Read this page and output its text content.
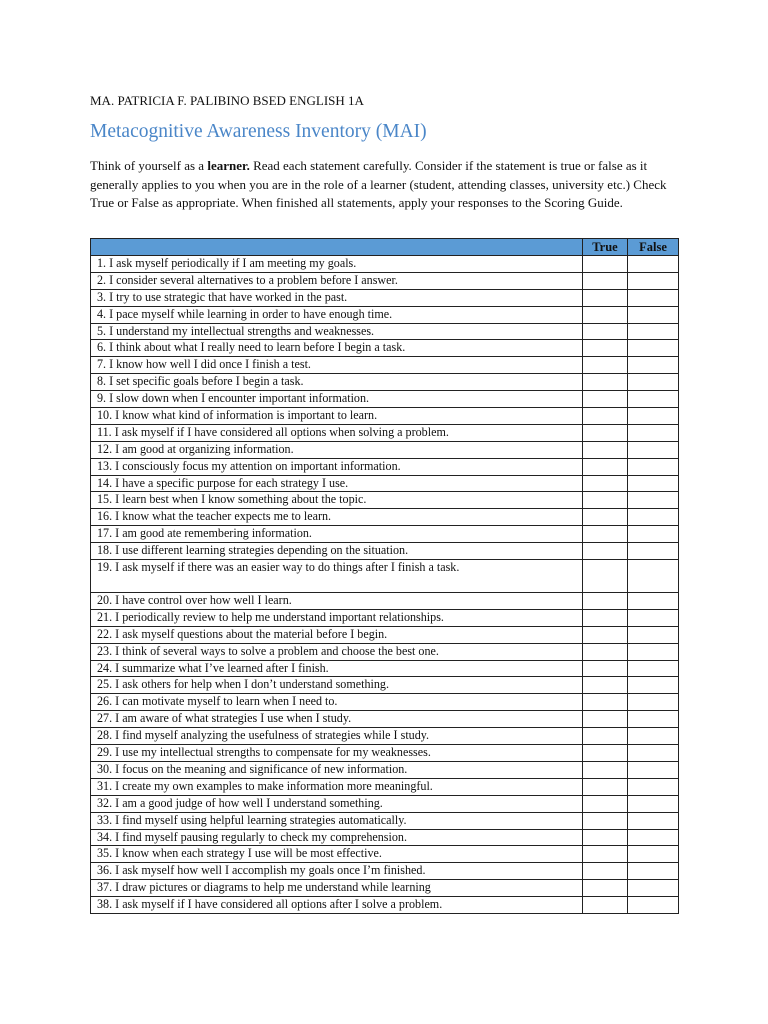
MA. PATRICIA F. PALIBINO BSED ENGLISH 1A
Metacognitive Awareness Inventory (MAI)

Think of yourself as a learner. Read each statement carefully. Consider if the statement is true or false as it generally applies to you when you are in the role of a learner (student, attending classes, university etc.) Check True or False as appropriate. When finished all statements, apply your responses to the Scoring Guide.

	True	False
1. I ask myself periodically if I am meeting my goals.		
2. I consider several alternatives to a problem before I answer.		
3. I try to use strategic that have worked in the past.		
4. I pace myself while learning in order to have enough time.		
5. I understand my intellectual strengths and weaknesses.		
6. I think about what I really need to learn before I begin a task.		
7. I know how well I did once I finish a test.		
8. I set specific goals before I begin a task.		
9. I slow down when I encounter important information.		
10. I know what kind of information is important to learn.		
11. I ask myself if I have considered all options when solving a problem.		
12. I am good at organizing information.		
13. I consciously focus my attention on important information.		
14. I have a specific purpose for each strategy I use.		
15. I learn best when I know something about the topic.		
16. I know what the teacher expects me to learn.		
17. I am good ate remembering information.		
18. I use different learning strategies depending on the situation.		
19. I ask myself if there was an easier way to do things after I finish a task.		
20. I have control over how well I learn.		
21. I periodically review to help me understand important relationships.		
22. I ask myself questions about the material before I begin.		
23. I think of several ways to solve a problem and choose the best one.		
24. I summarize what I’ve learned after I finish.		
25. I ask others for help when I don’t understand something.		
26. I can motivate myself to learn when I need to.		
27. I am aware of what strategies I use when I study.		
28. I find myself analyzing the usefulness of strategies while I study.		
29. I use my intellectual strengths to compensate for my weaknesses.		
30. I focus on the meaning and significance of new information.		
31. I create my own examples to make information more meaningful.		
32. I am a good judge of how well I understand something.		
33. I find myself using helpful learning strategies automatically.		
34. I find myself pausing regularly to check my comprehension.		
35. I know when each strategy I use will be most effective.		
36. I ask myself how well I accomplish my goals once I’m finished.		
37. I draw pictures or diagrams to help me understand while learning		
38. I ask myself if I have considered all options after I solve a problem.		
